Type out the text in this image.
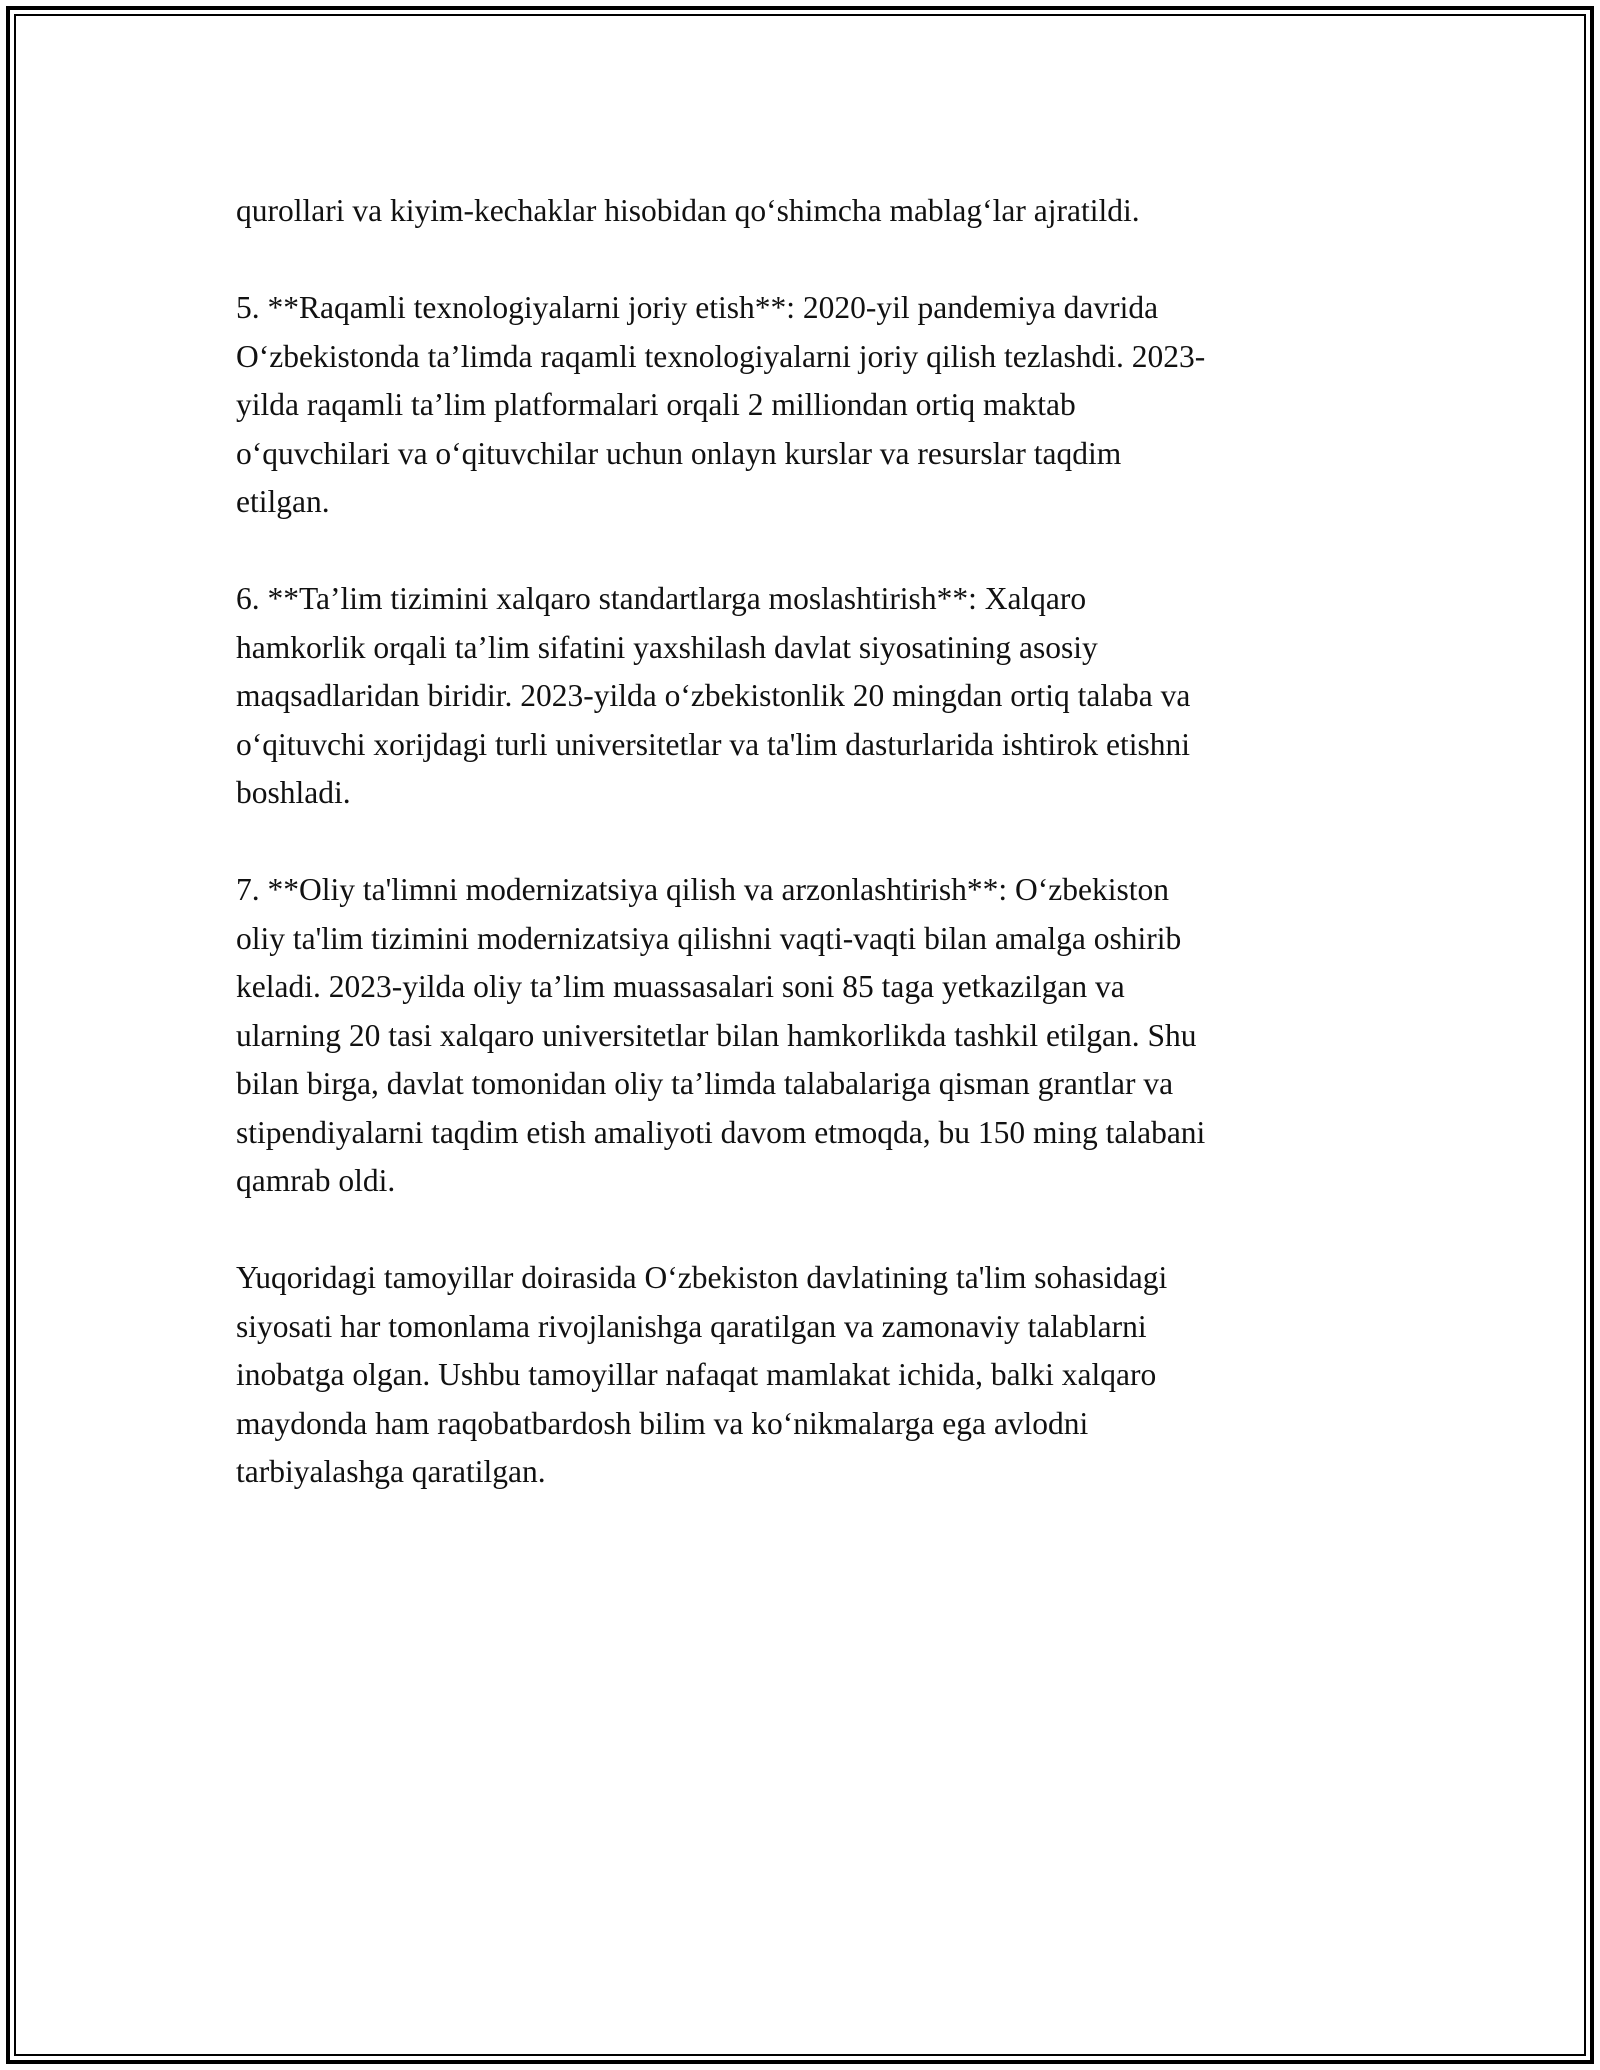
qurollari va kiyim-kechaklar hisobidan qo‘shimcha mablag‘lar ajratildi.

5. **Raqamli texnologiyalarni joriy etish**: 2020-yil pandemiya davrida
O‘zbekistonda ta’limda raqamli texnologiyalarni joriy qilish tezlashdi. 2023-
yilda raqamli ta’lim platformalari orqali 2 milliondan ortiq maktab
o‘quvchilari va o‘qituvchilar uchun onlayn kurslar va resurslar taqdim
etilgan.

6. **Ta’lim tizimini xalqaro standartlarga moslashtirish**: Xalqaro
hamkorlik orqali ta’lim sifatini yaxshilash davlat siyosatining asosiy
maqsadlaridan biridir. 2023-yilda o‘zbekistonlik 20 mingdan ortiq talaba va
o‘qituvchi xorijdagi turli universitetlar va ta'lim dasturlarida ishtirok etishni
boshladi.

7. **Oliy ta'limni modernizatsiya qilish va arzonlashtirish**: O‘zbekiston
oliy ta'lim tizimini modernizatsiya qilishni vaqti-vaqti bilan amalga oshirib
keladi. 2023-yilda oliy ta’lim muassasalari soni 85 taga yetkazilgan va
ularning 20 tasi xalqaro universitetlar bilan hamkorlikda tashkil etilgan. Shu
bilan birga, davlat tomonidan oliy ta’limda talabalariga qisman grantlar va
stipendiyalarni taqdim etish amaliyoti davom etmoqda, bu 150 ming talabani
qamrab oldi.

Yuqoridagi tamoyillar doirasida O‘zbekiston davlatining ta'lim sohasidagi
siyosati har tomonlama rivojlanishga qaratilgan va zamonaviy talablarni
inobatga olgan. Ushbu tamoyillar nafaqat mamlakat ichida, balki xalqaro
maydonda ham raqobatbardosh bilim va ko‘nikmalarga ega avlodni
tarbiyalashga qaratilgan.
